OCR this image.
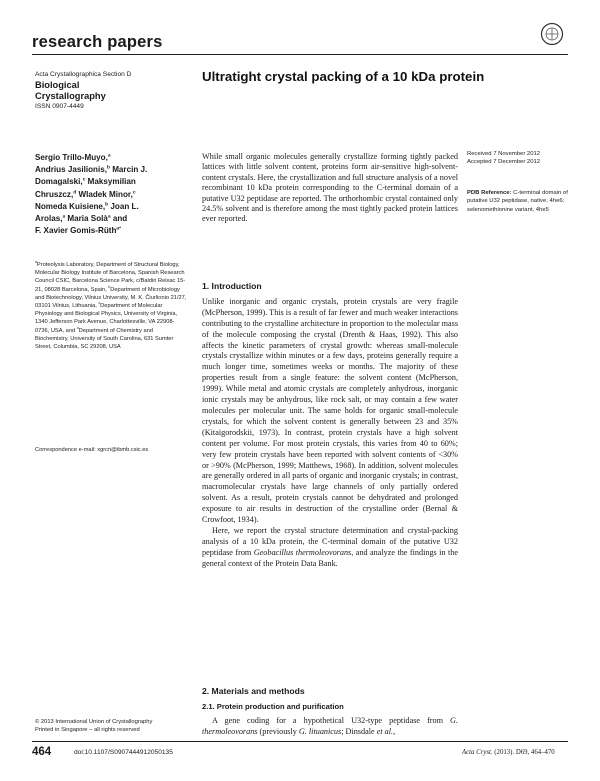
research papers
Acta Crystallographica Section D
Biological
Crystallography
ISSN 0907-4449
Ultratight crystal packing of a 10 kDa protein
Sergio Trillo-Muyo,$^a$
Andrius Jasilionis,$^b$ Marcin J.
Domagalski,$^c$ Maksymilian
Chruszcz,$^d$ Wladek Minor,$^c$
Nomeda Kuisiene,$^b$ Joan L.
Arolas,$^a$ Maria Solà$^a$ and
F. Xavier Gomis-Rüth$^{a*}$
$^a$Proteolysis Laboratory, Department of Structural Biology, Molecular Biology Institute of Barcelona, Spanish Research Council CSIC, Barcelona Science Park, c/Baldiri Reixac 15-21, 08028 Barcelona, Spain, $^b$Department of Microbiology and Biotechnology, Vilnius University, M. K. Čiurlionio 21/27, 03101 Vilnius, Lithuania, $^c$Department of Molecular Physiology and Biological Physics, University of Virginia, 1340 Jefferson Park Avenue, Charlottesville, VA 22908-0736, USA, and $^d$Department of Chemistry and Biochemistry, University of South Carolina, 631 Sumter Street, Columbia, SC 29208, USA
Correspondence e-mail: xgrcri@ibmb.csic.es
While small organic molecules generally crystallize forming tightly packed lattices with little solvent content, proteins form air-sensitive high-solvent-content crystals. Here, the crystallization and full structure analysis of a novel recombinant 10 kDa protein corresponding to the C-terminal domain of a putative U32 peptidase are reported. The orthorhombic crystal contained only 24.5% solvent and is therefore among the most tightly packed protein lattices ever reported.
Received 7 November 2012
Accepted 7 December 2012
PDB Reference: C-terminal domain of putative U32 peptidase, native, 4he6; selenomethionine variant, 4he5
1. Introduction

Unlike inorganic and organic crystals, protein crystals are very fragile (McPherson, 1999). This is a result of far fewer and much weaker interactions contributing to the crystalline architecture in proportion to the molecular mass of the molecule composing the crystal (Drenth & Haas, 1992). This also affects the kinetic parameters of crystal growth: whereas small-molecule crystals crystallize within minutes or a few days, proteins generally require a much longer time, sometimes weeks or months. The majority of these properties result from a single feature: the solvent content (McPherson, 1999). While metal and atomic crystals are completely anhydrous, inorganic ionic crystals may be anhydrous, like rock salt, or may contain a few water molecules per molecular unit. The same holds for organic small-molecule crystals, for which the solvent content is generally between 23 and 35% (Kitaigorodskii, 1973). In contrast, protein crystals have a high solvent content per volume. For most protein crystals, this varies from 40 to 60%; very few protein crystals have been reported with solvent contents of <30% or >90% (McPherson, 1999; Matthews, 1968). In addition, solvent molecules are generally ordered in all parts of organic and inorganic crystals; in contrast, macromolecular crystals have large channels of only partially ordered solvent. As a result, protein crystals cannot be dehydrated and prolonged exposure to air results in destruction of the crystalline order (Bernal & Crowfoot, 1934).

Here, we report the crystal structure determination and crystal-packing analysis of a 10 kDa protein, the C-terminal domain of the putative U32 peptidase from Geobacillus thermoleovorans, and analyze the findings in the general context of the Protein Data Bank.

2. Materials and methods
2.1. Protein production and purification

A gene coding for a hypothetical U32-type peptidase from G. thermoleovorans (previously G. lituanicus; Dinsdale et al.,

© 2013 International Union of Crystallography
Printed in Singapore – all rights reserved
464	doi:10.1107/S0907444912050135	Acta Cryst. (2013). D69, 464–470
